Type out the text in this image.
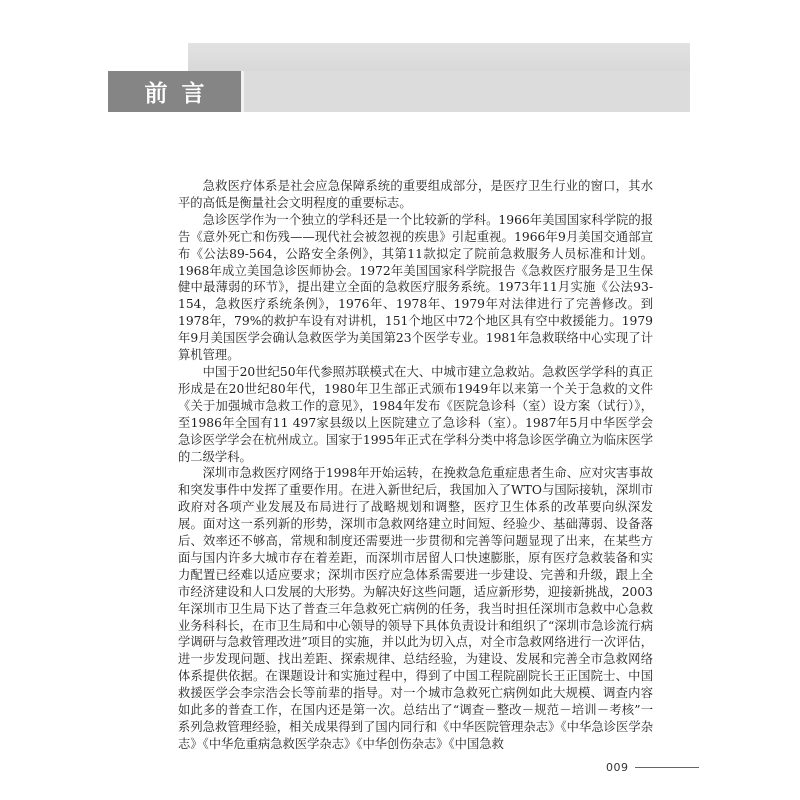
前言

急救医疗体系是社会应急保障系统的重要组成部分，是医疗卫生行业的窗口，其水平的高低是衡量社会文明程度的重要标志。

急诊医学作为一个独立的学科还是一个比较新的学科。1966年美国国家科学院的报告《意外死亡和伤残——现代社会被忽视的疾患》引起重视。1966年9月美国交通部宣布《公法89-564，公路安全条例》，其第11款拟定了院前急救服务人员标准和计划。1968年成立美国急诊医师协会。1972年美国国家科学院报告《急救医疗服务是卫生保健中最薄弱的环节》，提出建立全面的急救医疗服务系统。1973年11月实施《公法93-154，急救医疗系统条例》，1976年、1978年、1979年对法律进行了完善修改。到1978年，79%的救护车设有对讲机，151个地区中72个地区具有空中救援能力。1979年9月美国医学会确认急救医学为美国第23个医学专业。1981年急救联络中心实现了计算机管理。

中国于20世纪50年代参照苏联模式在大、中城市建立急救站。急救医学学科的真正形成是在20世纪80年代，1980年卫生部正式颁布1949年以来第一个关于急救的文件《关于加强城市急救工作的意见》，1984年发布《医院急诊科（室）设方案（试行）》，至1986年全国有11 497家县级以上医院建立了急诊科（室）。1987年5月中华医学会急诊医学学会在杭州成立。国家于1995年正式在学科分类中将急诊医学确立为临床医学的二级学科。

深圳市急救医疗网络于1998年开始运转，在挽救急危重症患者生命、应对灾害事故和突发事件中发挥了重要作用。在进入新世纪后，我国加入了WTO与国际接轨，深圳市政府对各项产业发展及布局进行了战略规划和调整，医疗卫生体系的改革要向纵深发展。面对这一系列新的形势，深圳市急救网络建立时间短、经验少、基础薄弱、设备落后、效率还不够高，常规和制度还需要进一步贯彻和完善等问题显现了出来，在某些方面与国内许多大城市存在着差距，而深圳市居留人口快速膨胀，原有医疗急救装备和实力配置已经难以适应要求；深圳市医疗应急体系需要进一步建设、完善和升级，跟上全市经济建设和人口发展的大形势。为解决好这些问题，适应新形势，迎接新挑战，2003年深圳市卫生局下达了普查三年急救死亡病例的任务，我当时担任深圳市急救中心急救业务科科长，在市卫生局和中心领导的领导下具体负责设计和组织了“深圳市急诊流行病学调研与急救管理改进”项目的实施，并以此为切入点，对全市急救网络进行一次评估，进一步发现问题、找出差距、探索规律、总结经验，为建设、发展和完善全市急救网络体系提供依据。在课题设计和实施过程中，得到了中国工程院副院长王正国院士、中国救援医学会李宗浩会长等前辈的指导。对一个城市急救死亡病例如此大规模、调查内容如此多的普查工作，在国内还是第一次。总结出了“调查－整改－规范－培训－考核”一系列急救管理经验，相关成果得到了国内同行和《中华医院管理杂志》《中华急诊医学杂志》《中华危重病急救医学杂志》《中华创伤杂志》《中国急救

009
